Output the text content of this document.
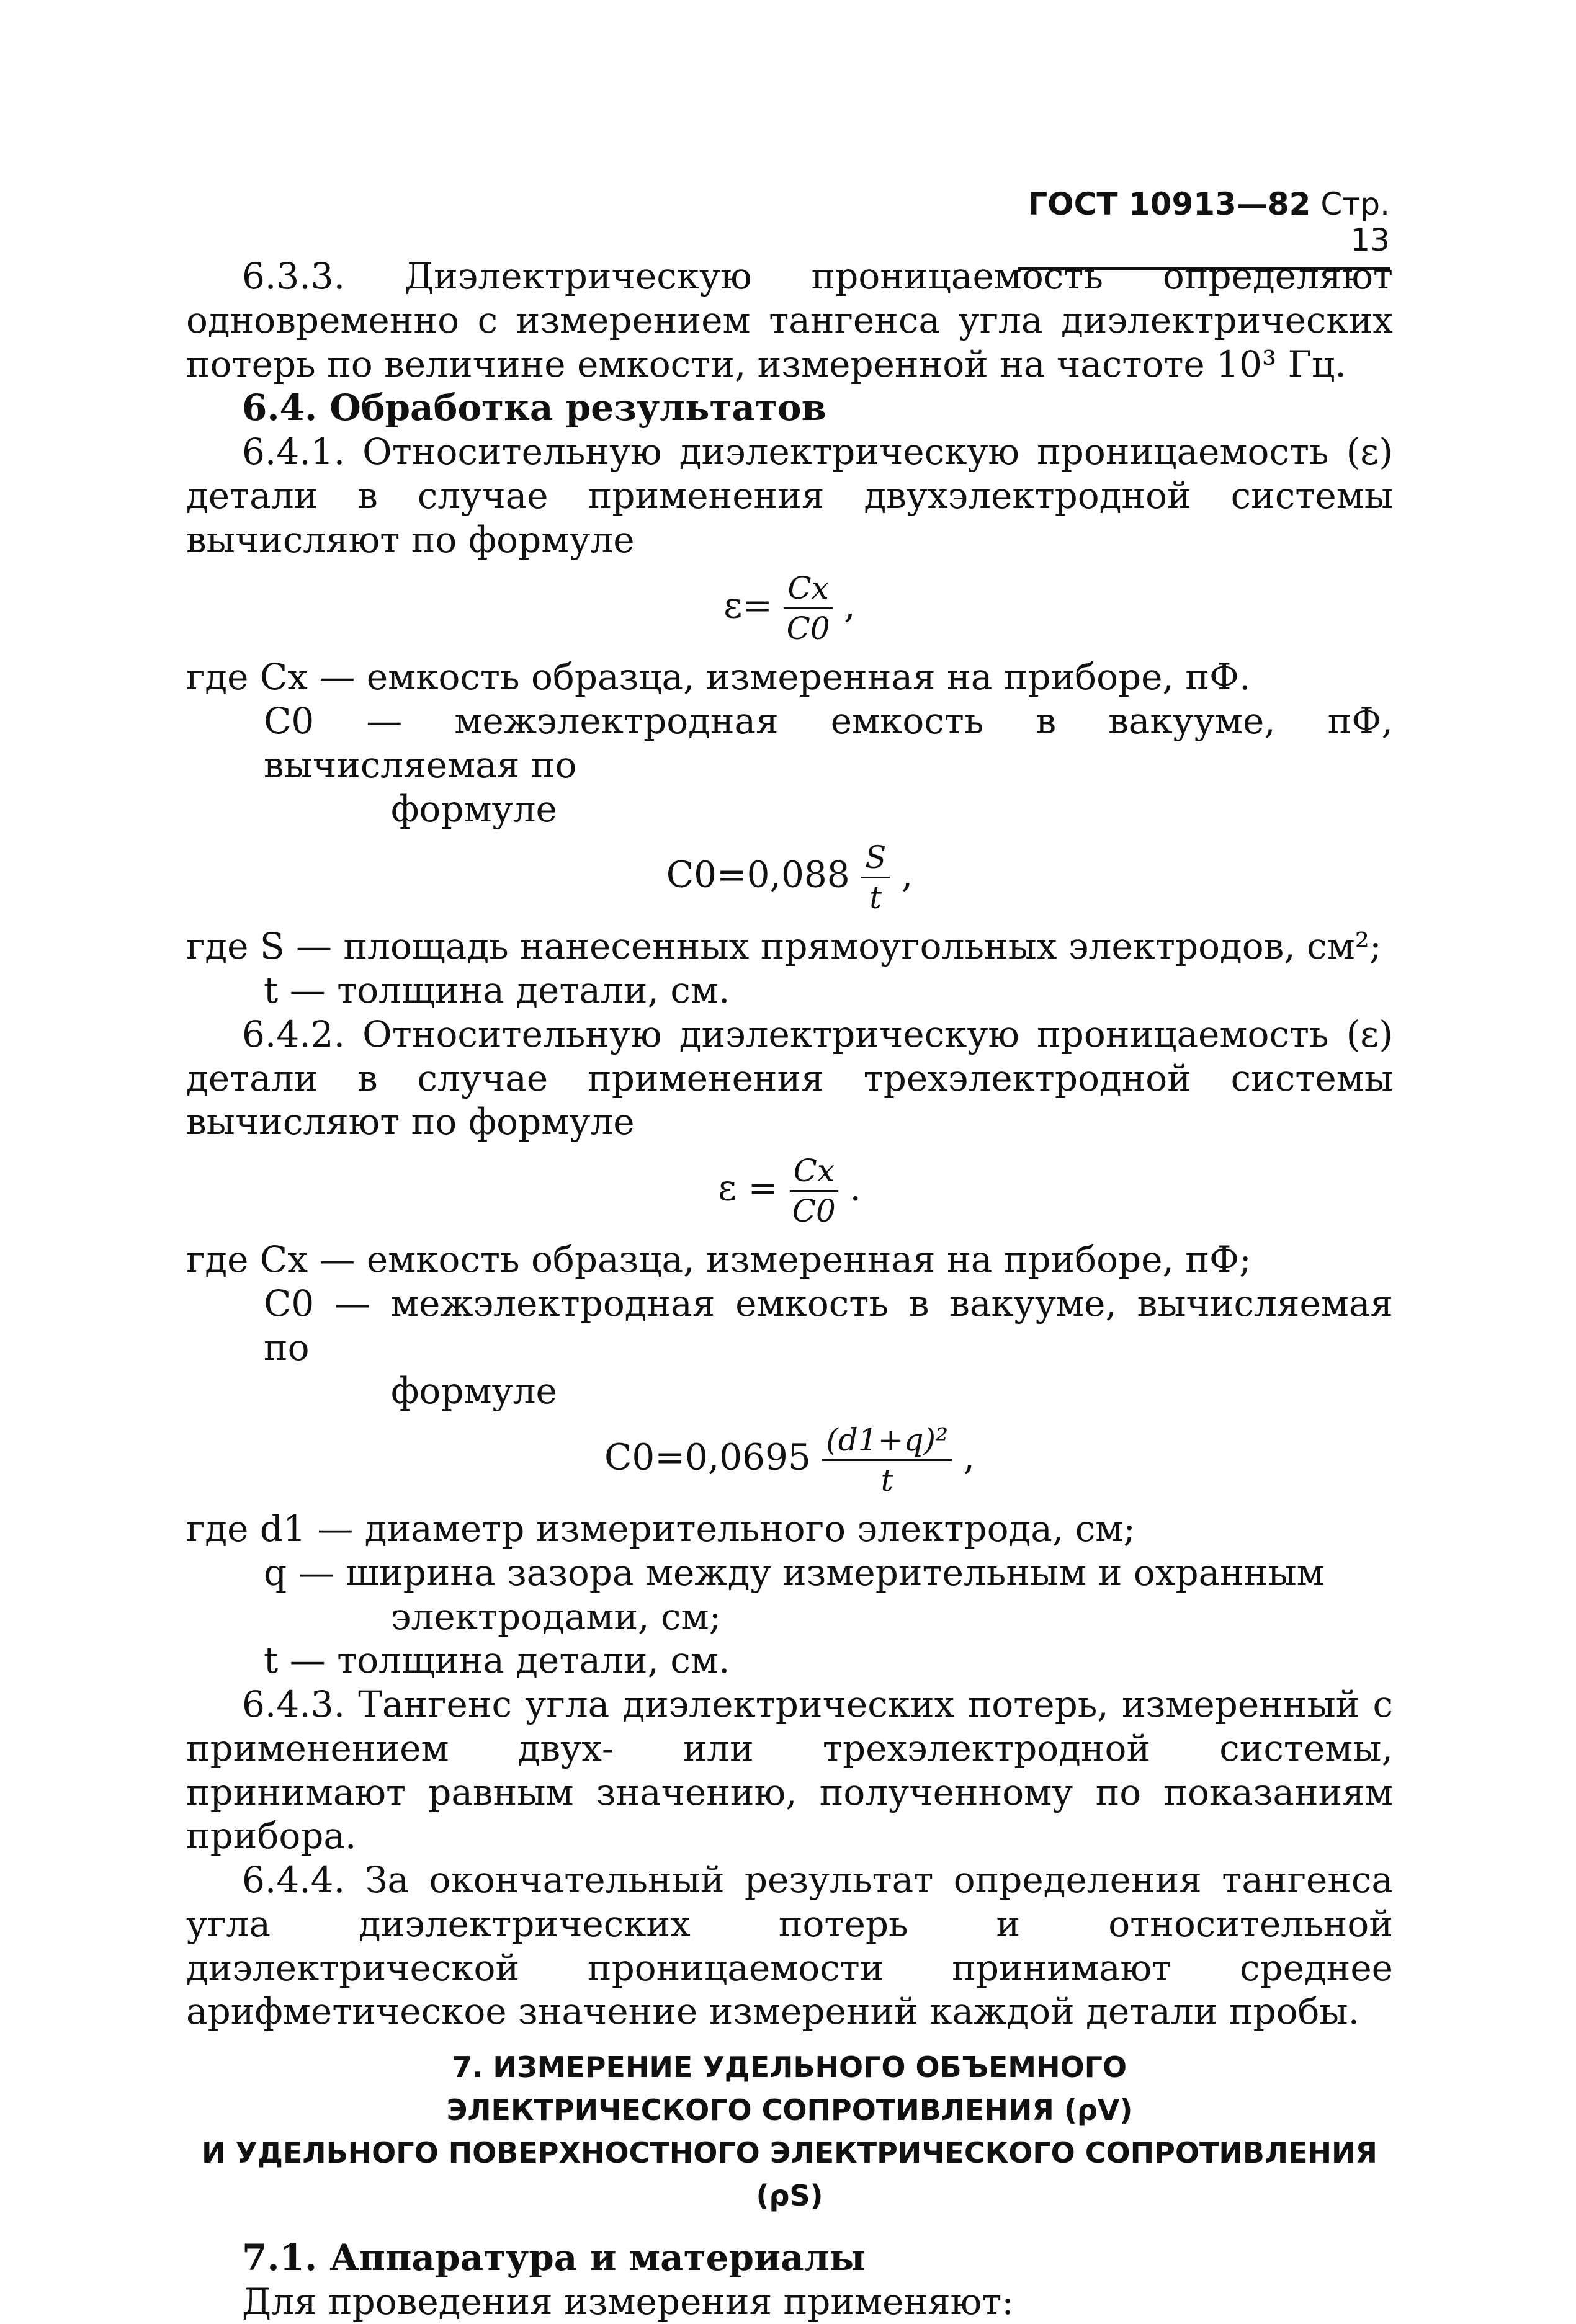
ГОСТ 10913—82 Стр. 13

6.3.3. Диэлектрическую проницаемость определяют одновременно с измерением тангенса угла диэлектрических потерь по величине емкости, измеренной на частоте 10³ Гц.

6.4. Обработка результатов

6.4.1. Относительную диэлектрическую проницаемость (ε) детали в случае применения двухэлектродной системы вычисляют по формуле

$\varepsilon= \frac{Cx}{C0}$ ,

где Cx — емкость образца, измеренная на приборе, пФ.

C0 — межэлектродная емкость в вакууме, пФ, вычисляемая по

формуле

$C0=0,088 \frac{S}{t}$ ,

где S — площадь нанесенных прямоугольных электродов, см²;

t — толщина детали, см.

6.4.2. Относительную диэлектрическую проницаемость (ε) детали в случае применения трехэлектродной системы вычисляют по формуле

$\varepsilon = \frac{Cx}{C0}$ .

где Cx — емкость образца, измеренная на приборе, пФ;

C0 — межэлектродная емкость в вакууме, вычисляемая по

формуле

$C0=0,0695 \frac{\text{(d1+q)²}}{t}$ ,

где d1 — диаметр измерительного электрода, см;

q — ширина зазора между измерительным и охранным

электродами, см;

t — толщина детали, см.

6.4.3. Тангенс угла диэлектрических потерь, измеренный с применением двух- или трехэлектродной системы, принимают равным значению, полученному по показаниям прибора.

6.4.4. За окончательный результат определения тангенса угла диэлектрических потерь и относительной диэлектрической проницаемости принимают среднее арифметическое значение измерений каждой детали пробы.

7. ИЗМЕРЕНИЕ УДЕЛЬНОГО ОБЪЕМНОГО
ЭЛЕКТРИЧЕСКОГО СОПРОТИВЛЕНИЯ (ρV)
И УДЕЛЬНОГО ПОВЕРХНОСТНОГО ЭЛЕКТРИЧЕСКОГО СОПРОТИВЛЕНИЯ (ρS)

7.1. Аппаратура и материалы

Для проведения измерения применяют:
